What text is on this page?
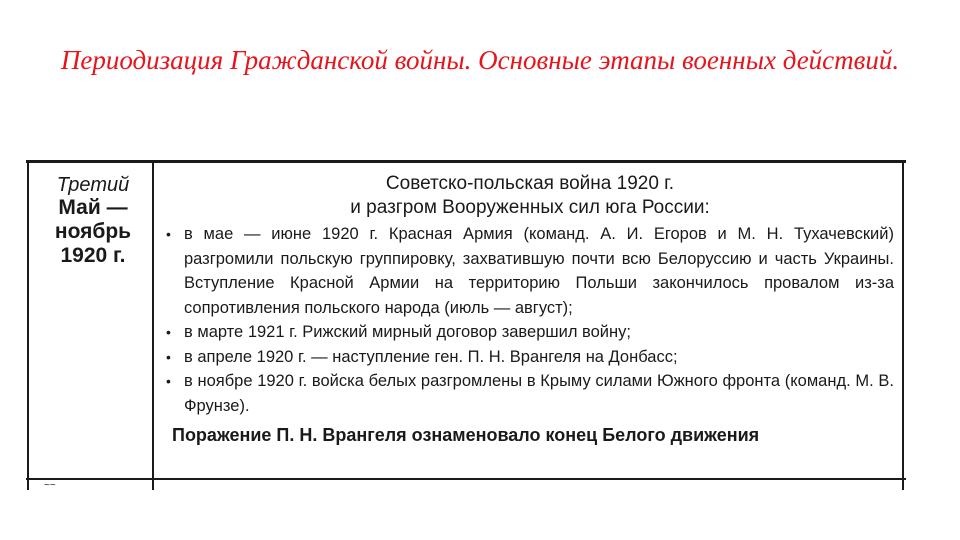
Периодизация Гражданской войны. Основные этапы военных действий.
Третий
Май —
ноябрь
1920 г.
~~
Советско-польская война 1920 г.
и разгром Вооруженных сил юга России:
• в мае — июне 1920 г. Красная Армия (команд. А. И. Егоров и М. Н. Тухачевский) разгромили польскую группировку, захватившую почти всю Белоруссию и часть Украины. Вступление Красной Армии на территорию Польши закончилось провалом из-за сопротивления польского народа (июль — август);
• в марте 1921 г. Рижский мирный договор завершил войну;
• в апреле 1920 г. — наступление ген. П. Н. Врангеля на Донбасс;
• в ноябре 1920 г. войска белых разгромлены в Крыму силами Южного фронта (команд. М. В. Фрунзе).
Поражение П. Н. Врангеля ознаменовало конец Белого движения
